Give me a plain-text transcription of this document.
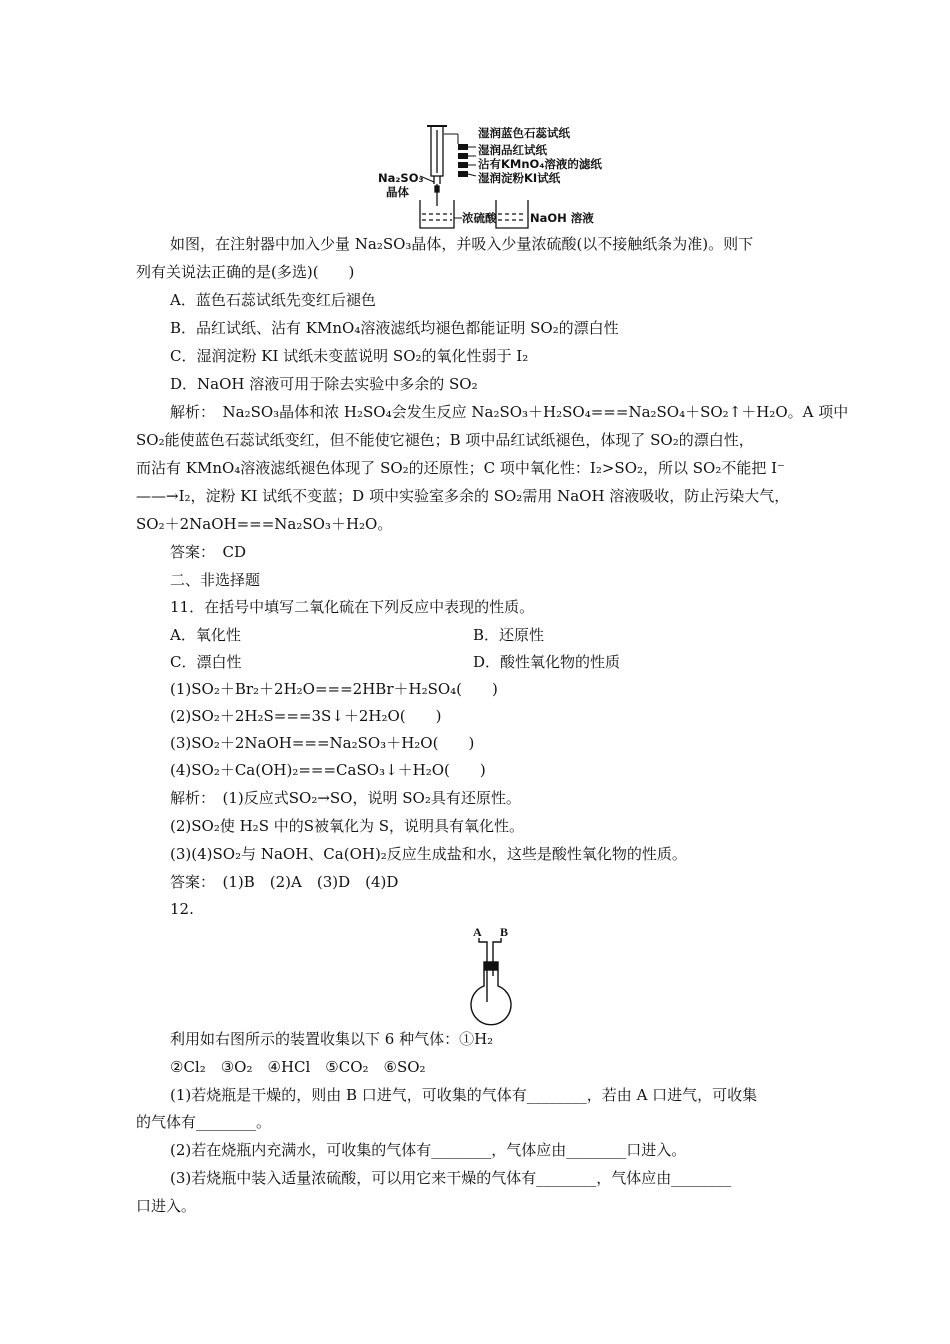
湿润蓝色石蕊试纸
湿润品红试纸
沾有KMnO₄溶液的滤纸
湿润淀粉KI试纸
Na₂SO₃
晶体
浓硫酸	NaOH 溶液
如图，在注射器中加入少量 Na₂SO₃晶体，并吸入少量浓硫酸(以不接触纸条为准)。则下
列有关说法正确的是(多选)(　　)
A．蓝色石蕊试纸先变红后褪色
B．品红试纸、沾有 KMnO₄溶液滤纸均褪色都能证明 SO₂的漂白性
C．湿润淀粉 KI 试纸未变蓝说明 SO₂的氧化性弱于 I₂
D．NaOH 溶液可用于除去实验中多余的 SO₂
解析：　Na₂SO₃晶体和浓 H₂SO₄会发生反应 Na₂SO₃＋H₂SO₄===Na₂SO₄＋SO₂↑＋H₂O。A 项中
SO₂能使蓝色石蕊试纸变红，但不能使它褪色；B 项中品红试纸褪色，体现了 SO₂的漂白性，
而沾有 KMnO₄溶液滤纸褪色体现了 SO₂的还原性；C 项中氧化性：I₂>SO₂，所以 SO₂不能把 I⁻
——→I₂，淀粉 KI 试纸不变蓝；D 项中实验室多余的 SO₂需用 NaOH 溶液吸收，防止污染大气，
SO₂＋2NaOH===Na₂SO₃＋H₂O。
答案：　CD
二、非选择题
11．在括号中填写二氧化硫在下列反应中表现的性质。
A．氧化性	B．还原性
C．漂白性	D．酸性氧化物的性质
(1)SO₂＋Br₂＋2H₂O===2HBr＋H₂SO₄(　　)
(2)SO₂＋2H₂S===3S↓＋2H₂O(　　)
(3)SO₂＋2NaOH===Na₂SO₃＋H₂O(　　)
(4)SO₂＋Ca(OH)₂===CaSO₃↓＋H₂O(　　)
解析：　(1)反应式SO₂→SO，说明 SO₂具有还原性。
(2)SO₂使 H₂S 中的S被氧化为 S，说明具有氧化性。
(3)(4)SO₂与 NaOH、Ca(OH)₂反应生成盐和水，这些是酸性氧化物的性质。
答案：　(1)B　(2)A　(3)D　(4)D
12.
A B
利用如右图所示的装置收集以下 6 种气体：①H₂
②Cl₂　③O₂　④HCl　⑤CO₂　⑥SO₂
(1)若烧瓶是干燥的，则由 B 口进气，可收集的气体有________，若由 A 口进气，可收集
的气体有________。
(2)若在烧瓶内充满水，可收集的气体有________，气体应由________口进入。
(3)若烧瓶中装入适量浓硫酸，可以用它来干燥的气体有________，气体应由________
口进入。
